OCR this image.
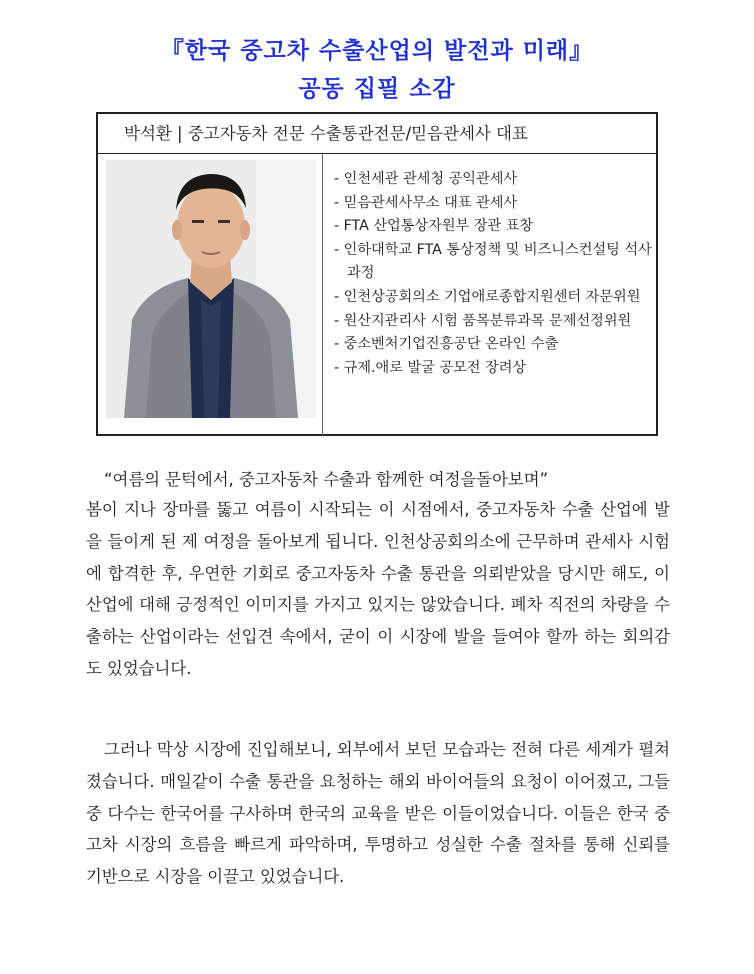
『한국 중고차 수출산업의 발전과 미래』
공동 집필 소감
박석환 | 중고자동차 전문 수출통관전문/믿음관세사 대표
- 인천세관 관세청 공익관세사
- 믿음관세사무소 대표 관세사
- FTA 산업통상자원부 장관 표창
- 인하대학교 FTA 통상정책 및 비즈니스컨설팅 석사과정
- 인천상공회의소 기업애로종합지원센터 자문위원
- 원산지관리사 시험 품목분류과목 문제선정위원
- 중소벤처기업진흥공단 온라인 수출
- 규제.애로 발굴 공모전 장려상
“여름의 문턱에서, 중고자동차 수출과 함께한 여정을돌아보며”

봄이 지나 장마를 뚫고 여름이 시작되는 이 시점에서, 중고자동차 수출 산업에 발을 들이게 된 제 여정을 돌아보게 됩니다. 인천상공회의소에 근무하며 관세사 시험에 합격한 후, 우연한 기회로 중고자동차 수출 통관을 의뢰받았을 당시만 해도, 이 산업에 대해 긍정적인 이미지를 가지고 있지는 않았습니다. 폐차 직전의 차량을 수출하는 산업이라는 선입견 속에서, 굳이 이 시장에 발을 들여야 할까 하는 회의감도 있었습니다.

그러나 막상 시장에 진입해보니, 외부에서 보던 모습과는 전혀 다른 세계가 펼쳐졌습니다. 매일같이 수출 통관을 요청하는 해외 바이어들의 요청이 이어졌고, 그들 중 다수는 한국어를 구사하며 한국의 교육을 받은 이들이었습니다. 이들은 한국 중고차 시장의 흐름을 빠르게 파악하며, 투명하고 성실한 수출 절차를 통해 신뢰를 기반으로 시장을 이끌고 있었습니다.
